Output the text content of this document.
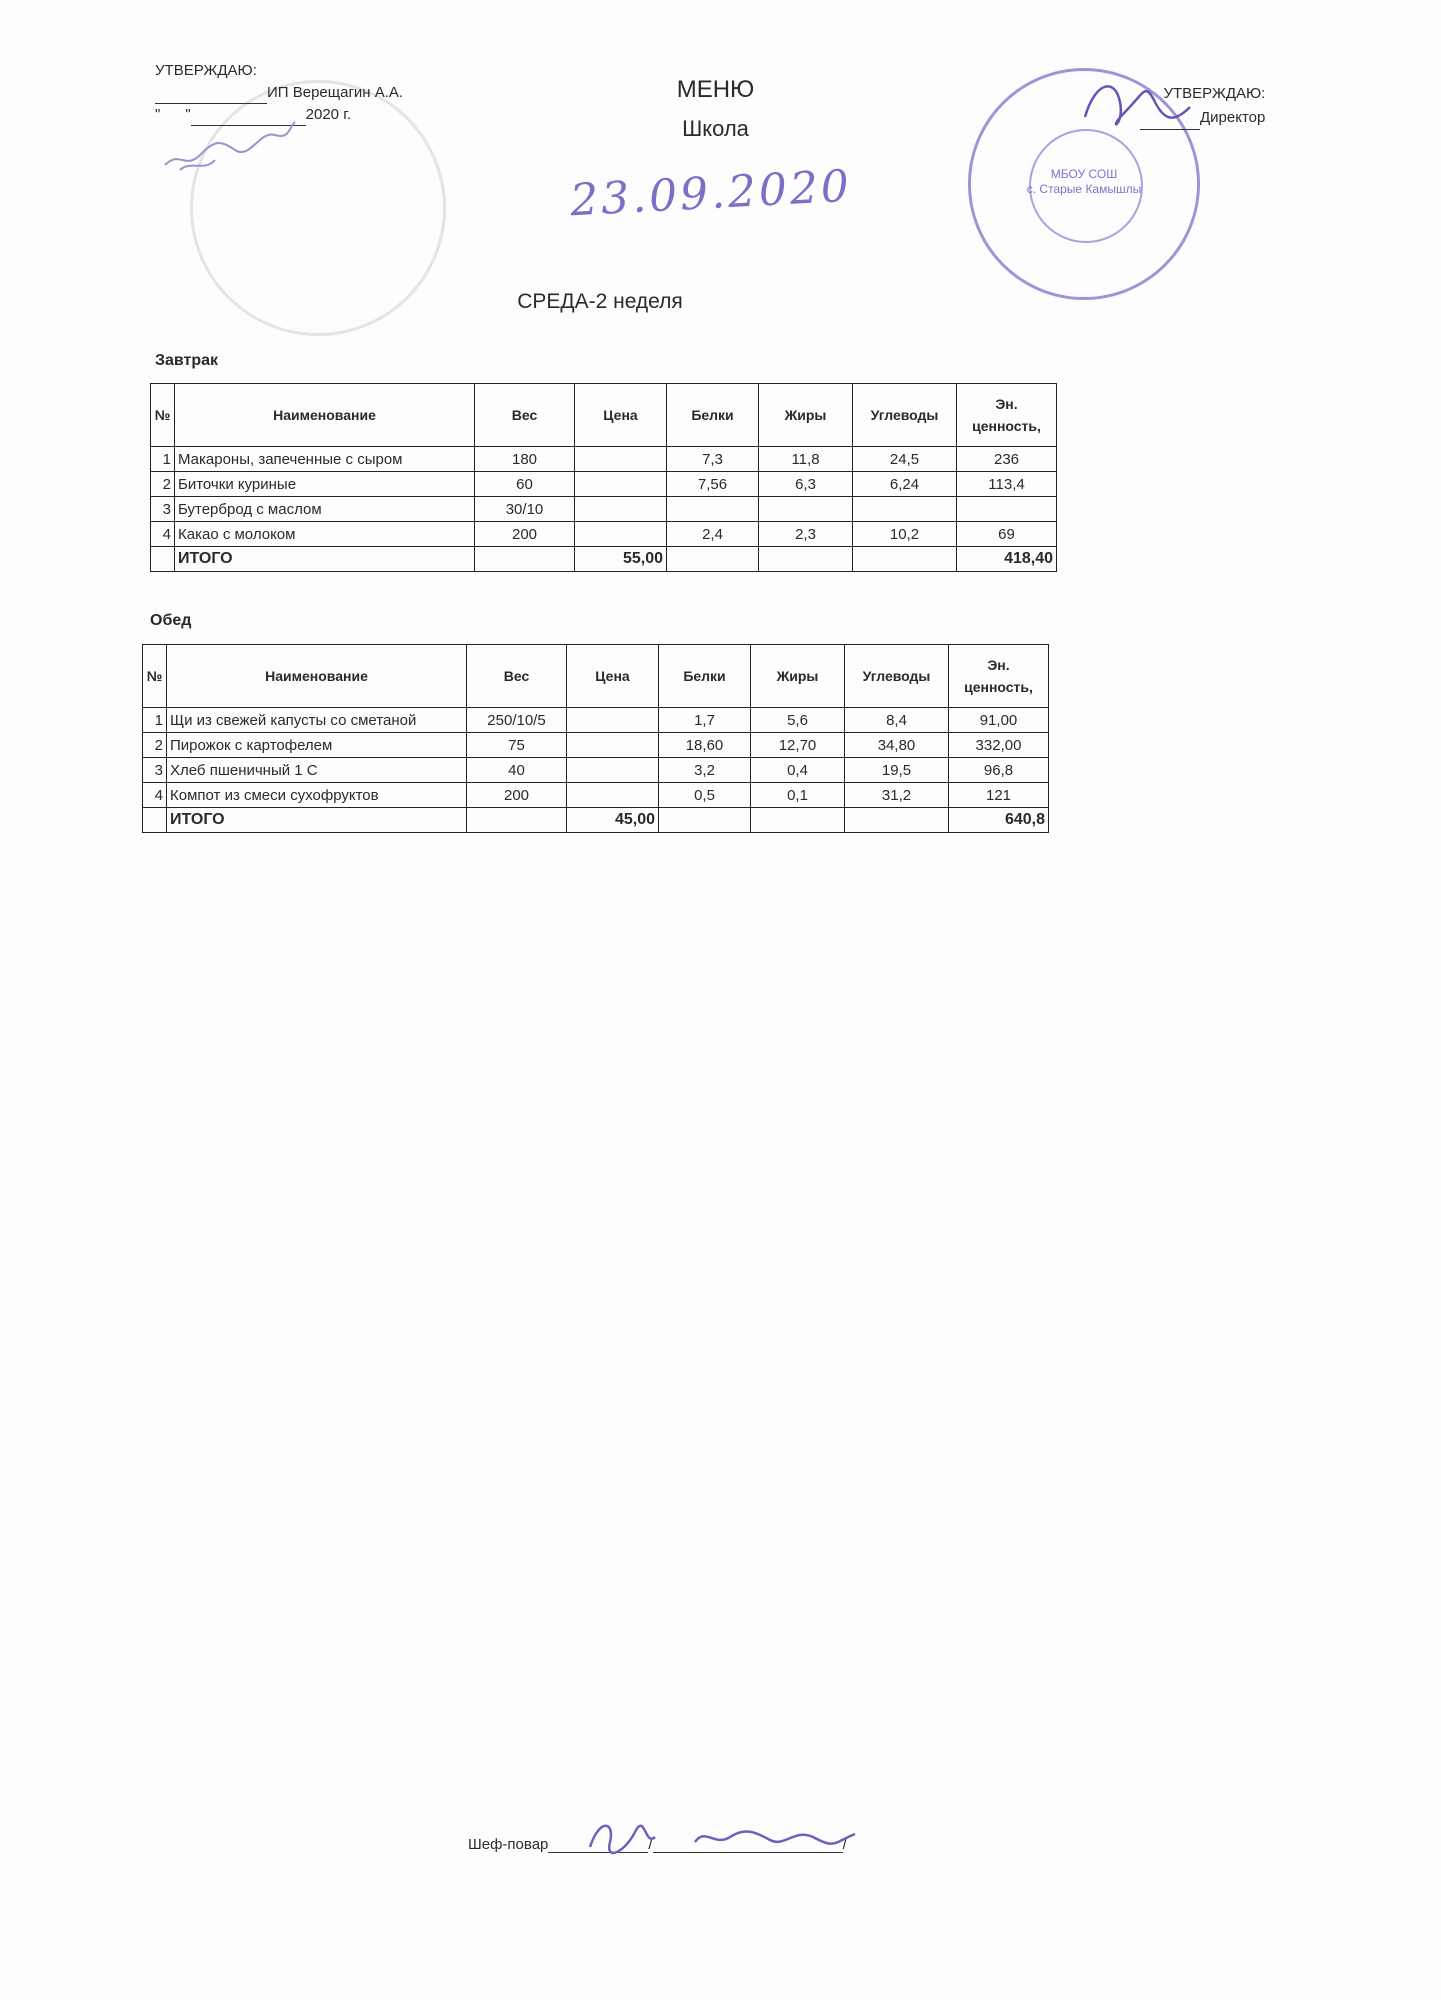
УТВЕРЖДАЮ:
ИП Верещагин А.А.
"      "	2020 г.
МЕНЮ
Школа
23.09.2020	МБОУ СОШ
с. Старые Камышлы
УТВЕРЖДАЮ:
Директор
СРЕДА-2 неделя
Завтрак
№	Наименование	Вес	Цена	Белки	Жиры	Углеводы	Эн. ценность,
1	Макароны, запеченные с сыром	180		7,3	11,8	24,5	236
2	Биточки куриные	60		7,56	6,3	6,24	113,4
3	Бутерброд с маслом	30/10					
4	Какао с молоком	200		2,4	2,3	10,2	69
	ИТОГО		55,00				418,40
Обед
№	Наименование	Вес	Цена	Белки	Жиры	Углеводы	Эн. ценность,
1	Щи из свежей капусты со сметаной	250/10/5		1,7	5,6	8,4	91,00
2	Пирожок с картофелем	75		18,60	12,70	34,80	332,00
3	Хлеб пшеничный 1 С	40		3,2	0,4	19,5	96,8
4	Компот из смеси сухофруктов	200		0,5	0,1	31,2	121
	ИТОГО		45,00				640,8
Шеф-повар	/	/
